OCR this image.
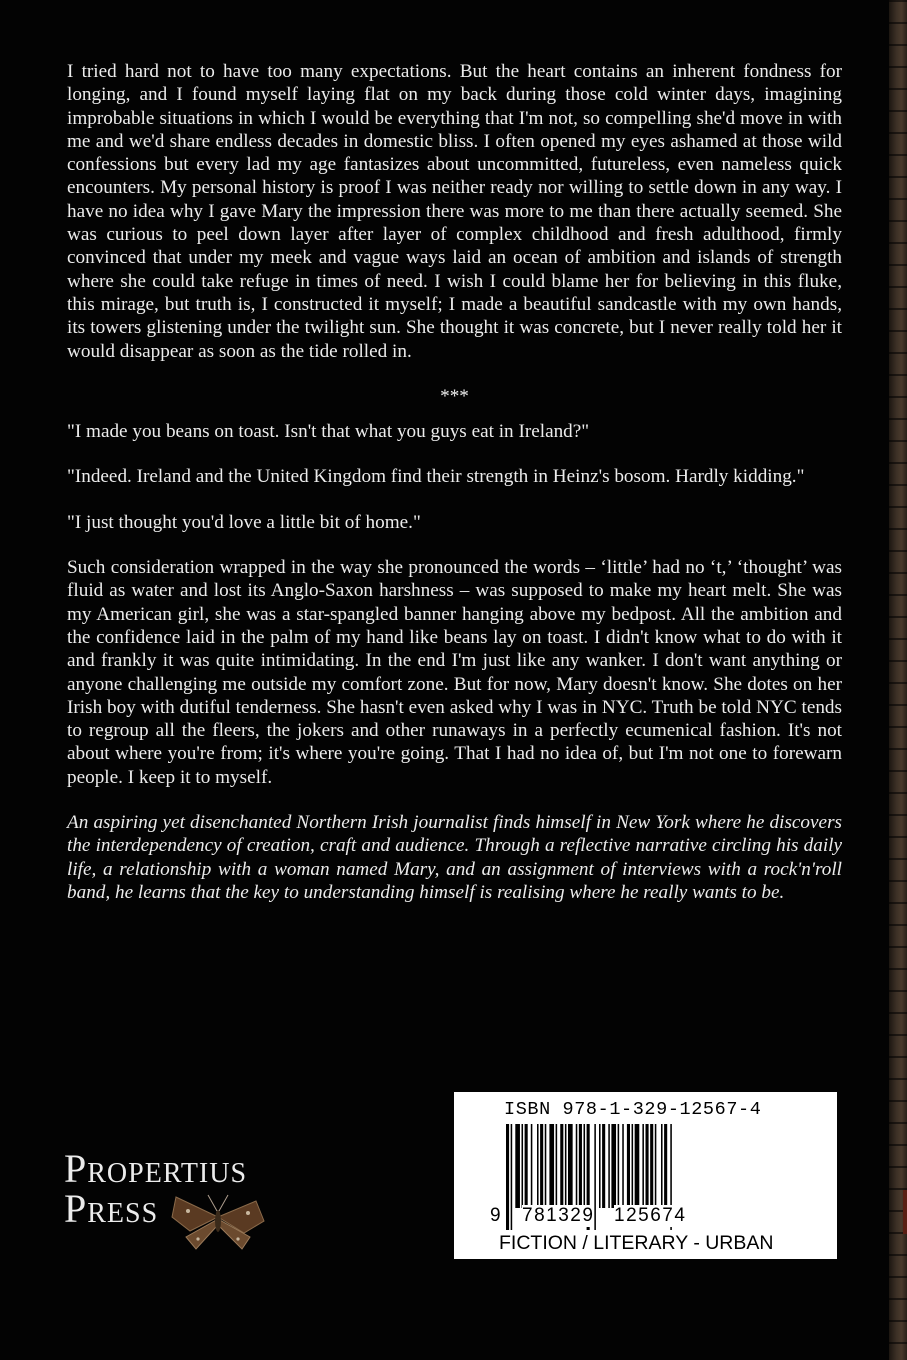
I tried hard not to have too many expectations. But the heart contains an inherent fondness for longing, and I found myself laying flat on my back during those cold winter days, imagining improbable situations in which I would be everything that I'm not, so compelling she'd move in with me and we'd share endless decades in domestic bliss. I often opened my eyes ashamed at those wild confessions but every lad my age fantasizes about uncommitted, futureless, even nameless quick encounters. My personal history is proof I was neither ready nor willing to settle down in any way. I have no idea why I gave Mary the impression there was more to me than there actually seemed. She was curious to peel down layer after layer of complex childhood and fresh adulthood, firmly convinced that under my meek and vague ways laid an ocean of ambition and islands of strength where she could take refuge in times of need. I wish I could blame her for believing in this fluke, this mirage, but truth is, I constructed it myself; I made a beautiful sandcastle with my own hands, its towers glistening under the twilight sun. She thought it was concrete, but I never really told her it would disappear as soon as the tide rolled in.

***

"I made you beans on toast. Isn't that what you guys eat in Ireland?"

"Indeed. Ireland and the United Kingdom find their strength in Heinz's bosom. Hardly kidding."

"I just thought you'd love a little bit of home."

Such consideration wrapped in the way she pronounced the words – ‘little’ had no ‘t,’ ‘thought’ was fluid as water and lost its Anglo-Saxon harshness – was supposed to make my heart melt. She was my American girl, she was a star-spangled banner hanging above my bedpost. All the ambition and the confidence laid in the palm of my hand like beans lay on toast. I didn't know what to do with it and frankly it was quite intimidating. In the end I'm just like any wanker. I don't want anything or anyone challenging me outside my comfort zone. But for now, Mary doesn't know. She dotes on her Irish boy with dutiful tenderness. She hasn't even asked why I was in NYC. Truth be told NYC tends to regroup all the fleers, the jokers and other runaways in a perfectly ecumenical fashion. It's not about where you're from; it's where you're going. That I had no idea of, but I'm not one to forewarn people. I keep it to myself.

An aspiring yet disenchanted Northern Irish journalist finds himself in New York where he discovers the interdependency of creation, craft and audience. Through a reflective narrative circling his daily life, a relationship with a woman named Mary, and an assignment of interviews with a rock'n'roll band, he learns that the key to understanding himself is realising where he really wants to be.

Propertius
Press
ISBN 978-1-329-12567-4
9 781329 125674
FICTION / LITERARY - URBAN
